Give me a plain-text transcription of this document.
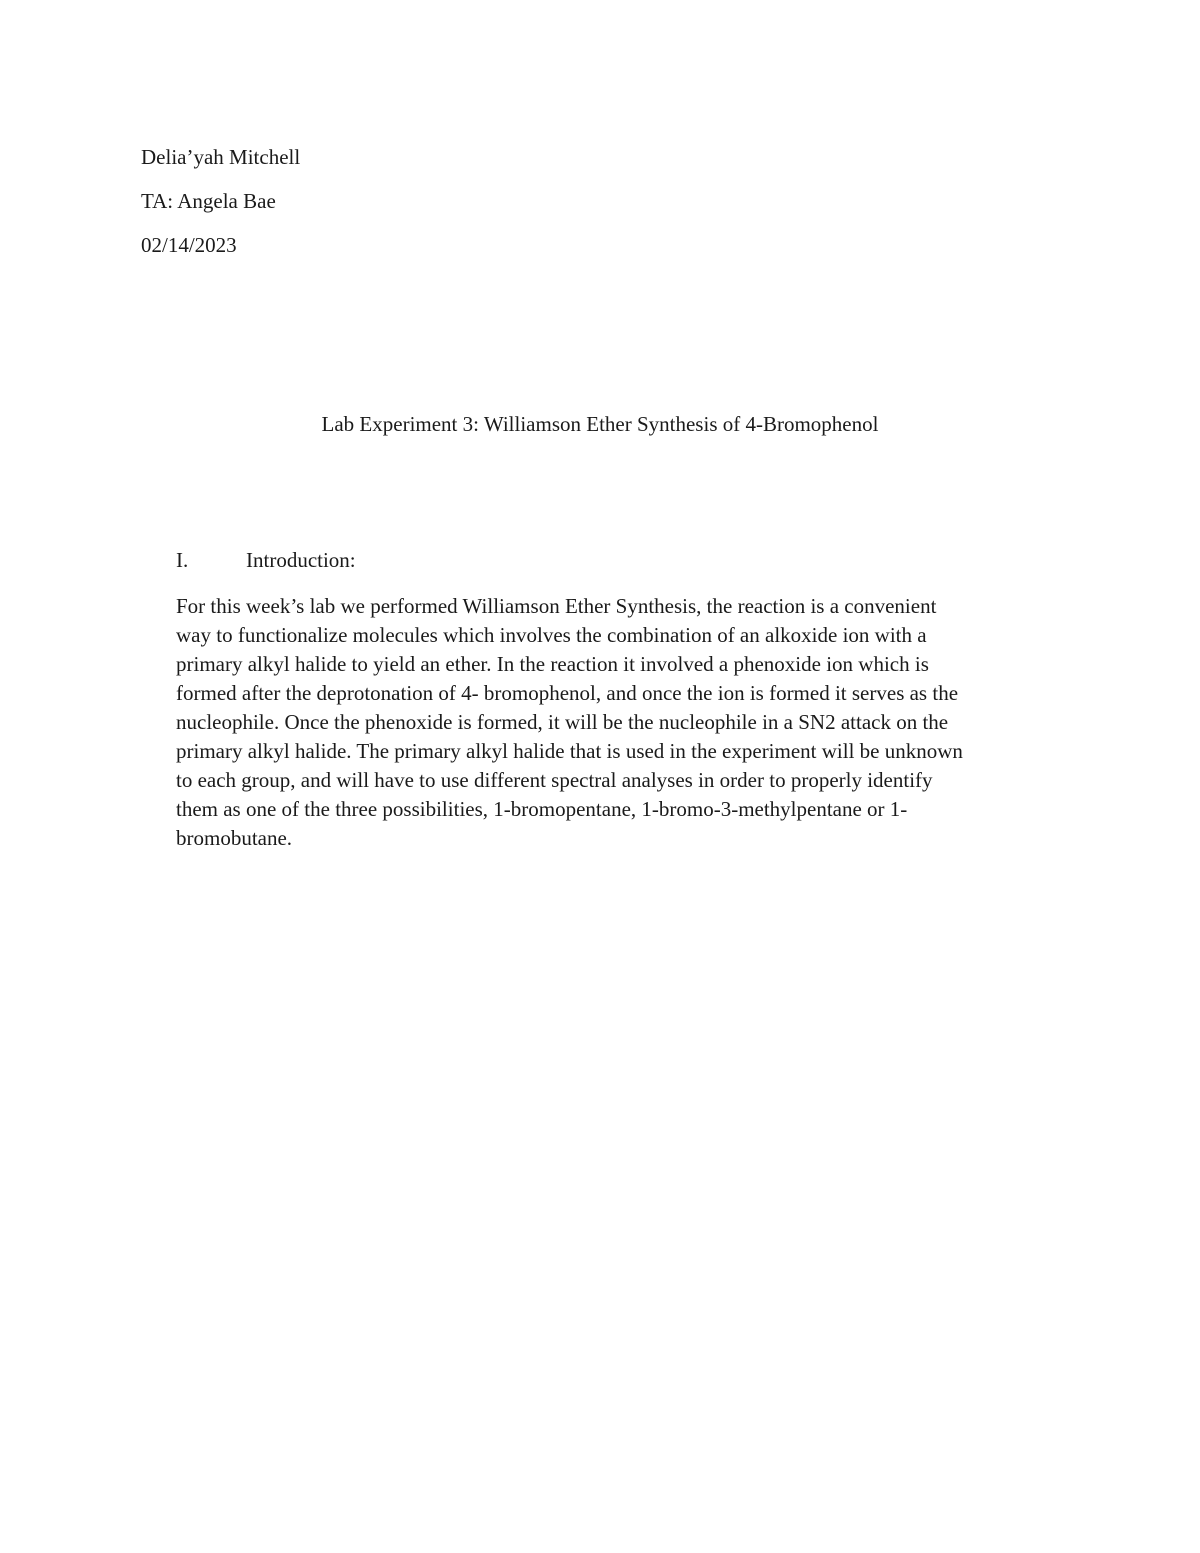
Delia’yah Mitchell
TA: Angela Bae
02/14/2023
Lab Experiment 3: Williamson Ether Synthesis of 4-Bromophenol
I.	Introduction:
For this week’s lab we performed Williamson Ether Synthesis, the reaction is a convenient
way to functionalize molecules which involves the combination of an alkoxide ion with a
primary alkyl halide to yield an ether. In the reaction it involved a phenoxide ion which is
formed after the deprotonation of 4- bromophenol, and once the ion is formed it serves as the
nucleophile. Once the phenoxide is formed, it will be the nucleophile in a SN2 attack on the
primary alkyl halide. The primary alkyl halide that is used in the experiment will be unknown
to each group, and will have to use different spectral analyses in order to properly identify
them as one of the three possibilities, 1-bromopentane, 1-bromo-3-methylpentane or 1-
bromobutane.
